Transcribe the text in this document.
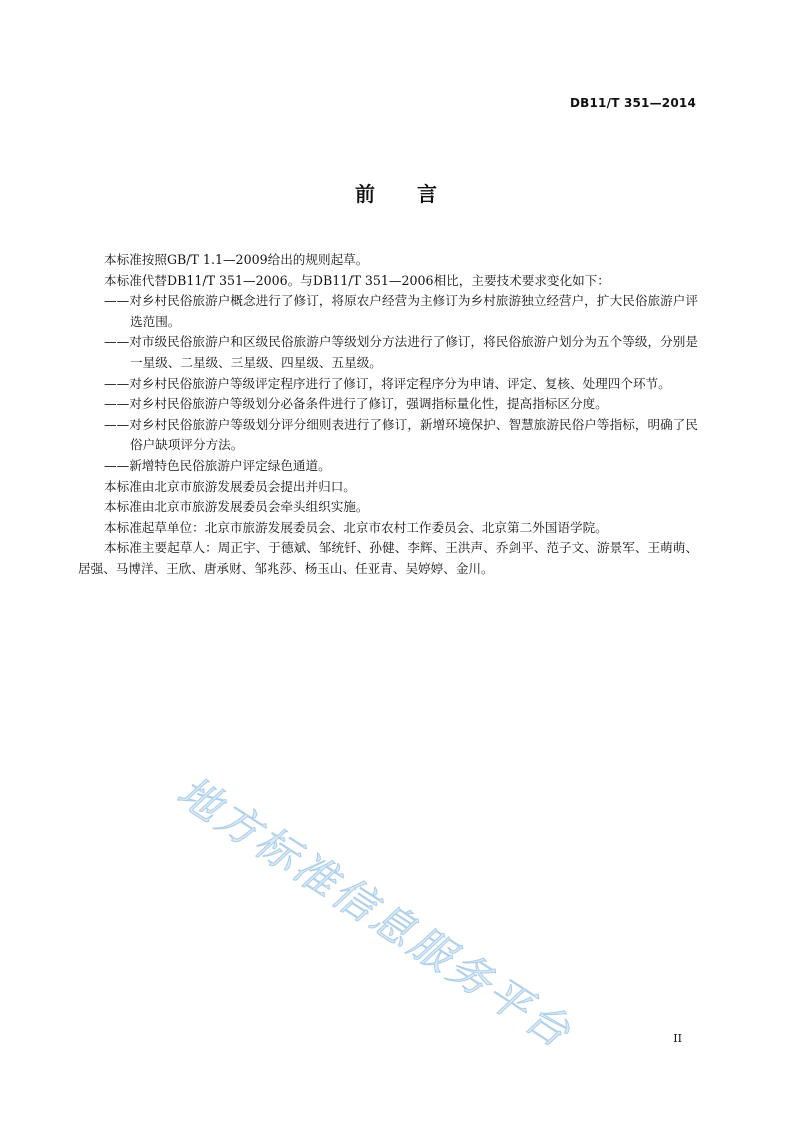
DB11/T 351—2014
前言

本标准按照GB/T 1.1—2009给出的规则起草。

本标准代替DB11/T 351—2006。与DB11/T 351—2006相比，主要技术要求变化如下：

——对乡村民俗旅游户概念进行了修订，将原农户经营为主修订为乡村旅游独立经营户，扩大民俗旅游户评选范围。

——对市级民俗旅游户和区级民俗旅游户等级划分方法进行了修订，将民俗旅游户划分为五个等级，分别是一星级、二星级、三星级、四星级、五星级。

——对乡村民俗旅游户等级评定程序进行了修订，将评定程序分为申请、评定、复核、处理四个环节。

——对乡村民俗旅游户等级划分必备条件进行了修订，强调指标量化性，提高指标区分度。

——对乡村民俗旅游户等级划分评分细则表进行了修订，新增环境保护、智慧旅游民俗户等指标，明确了民俗户缺项评分方法。

——新增特色民俗旅游户评定绿色通道。

本标准由北京市旅游发展委员会提出并归口。

本标准由北京市旅游发展委员会牵头组织实施。

本标准起草单位：北京市旅游发展委员会、北京市农村工作委员会、北京第二外国语学院。

本标准主要起草人：周正宇、于德斌、邹统钎、孙健、李辉、王洪声、乔剑平、范子文、游景军、王萌萌、居强、马博洋、王欣、唐承财、邹兆莎、杨玉山、任亚青、吴婷婷、金川。

地方标准信息服务平台	II
